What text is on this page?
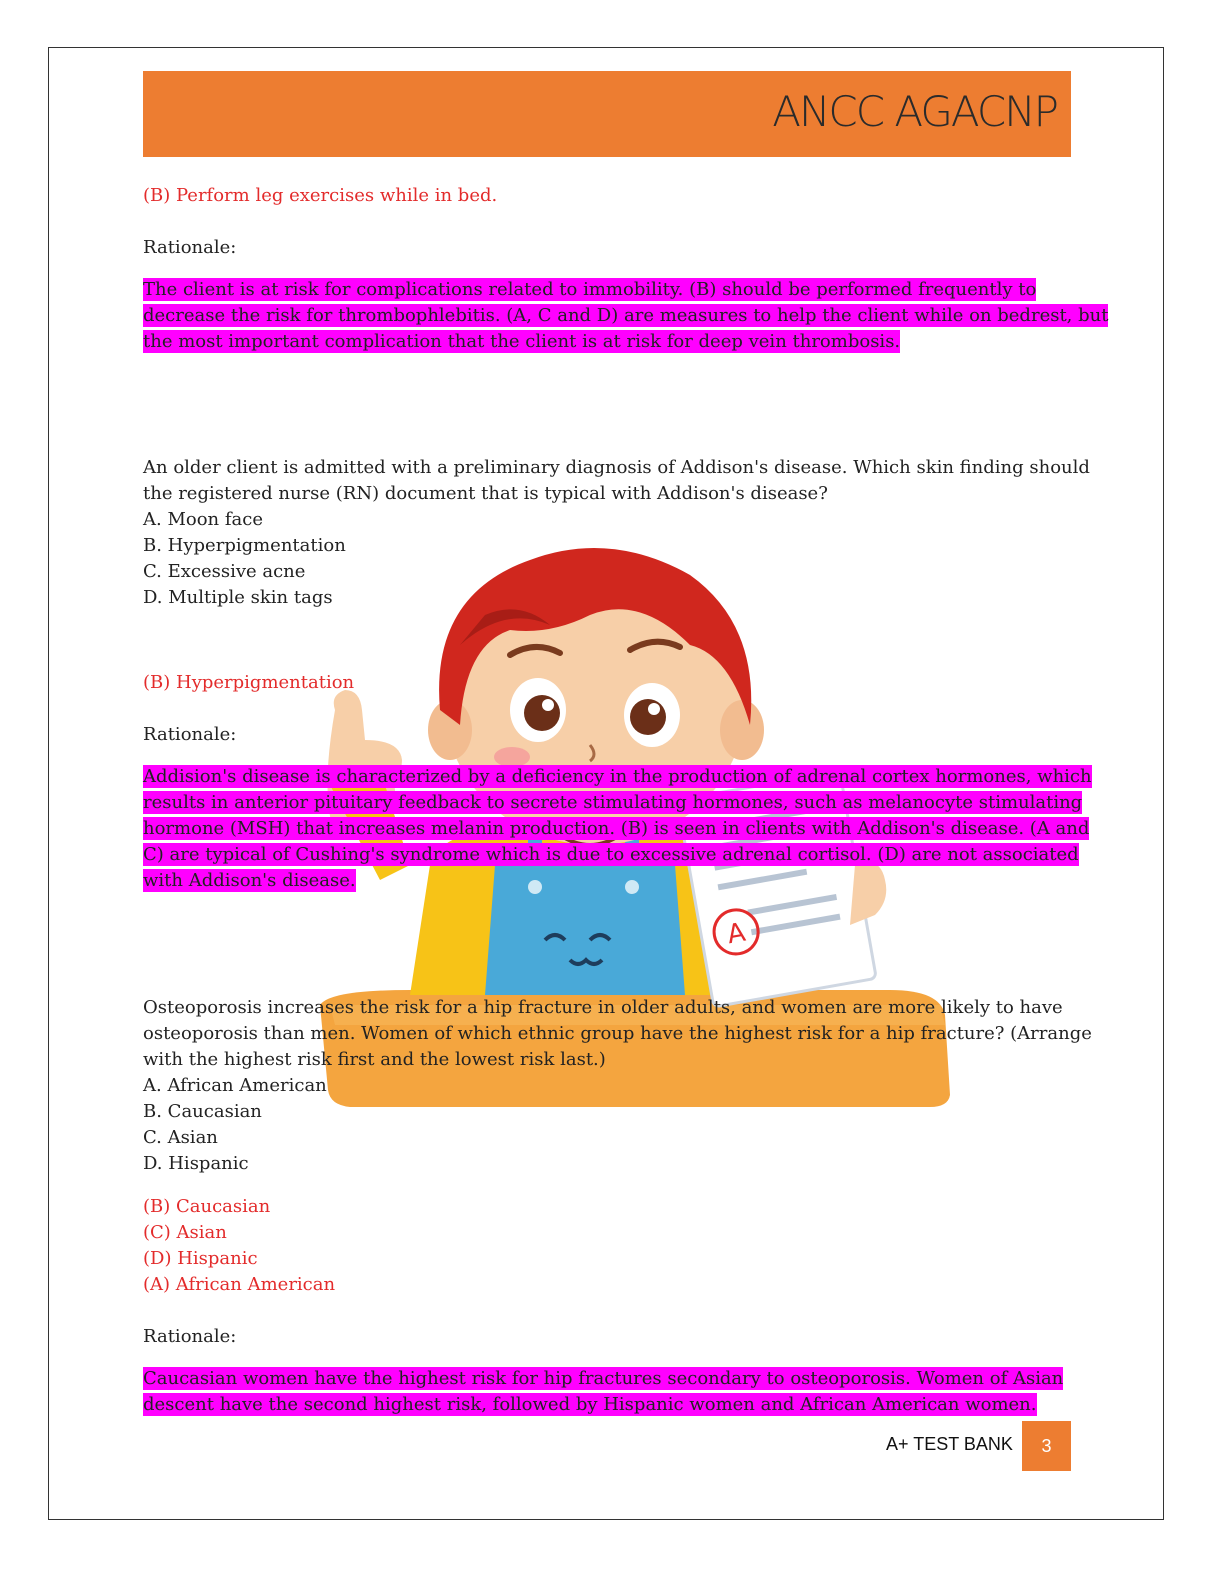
ANCC AGACNP
A
(B) Perform leg exercises while in bed.
Rationale:
The client is at risk for complications related to immobility. (B) should be performed frequently to
decrease the risk for thrombophlebitis. (A, C and D) are measures to help the client while on bedrest, but
the most important complication that the client is at risk for deep vein thrombosis.
An older client is admitted with a preliminary diagnosis of Addison's disease. Which skin finding should
the registered nurse (RN) document that is typical with Addison's disease?
A. Moon face
B. Hyperpigmentation
C. Excessive acne
D. Multiple skin tags
(B) Hyperpigmentation
Rationale:
Addision's disease is characterized by a deficiency in the production of adrenal cortex hormones, which
results in anterior pituitary feedback to secrete stimulating hormones, such as melanocyte stimulating
hormone (MSH) that increases melanin production. (B) is seen in clients with Addison's disease. (A and
C) are typical of Cushing's syndrome which is due to excessive adrenal cortisol. (D) are not associated
with Addison's disease.
Osteoporosis increases the risk for a hip fracture in older adults, and women are more likely to have
osteoporosis than men. Women of which ethnic group have the highest risk for a hip fracture? (Arrange
with the highest risk first and the lowest risk last.)
A. African American
B. Caucasian
C. Asian
D. Hispanic
(B) Caucasian
(C) Asian
(D) Hispanic
(A) African American
Rationale:
Caucasian women have the highest risk for hip fractures secondary to osteoporosis. Women of Asian
descent have the second highest risk, followed by Hispanic women and African American women.
A+ TEST BANK	3
